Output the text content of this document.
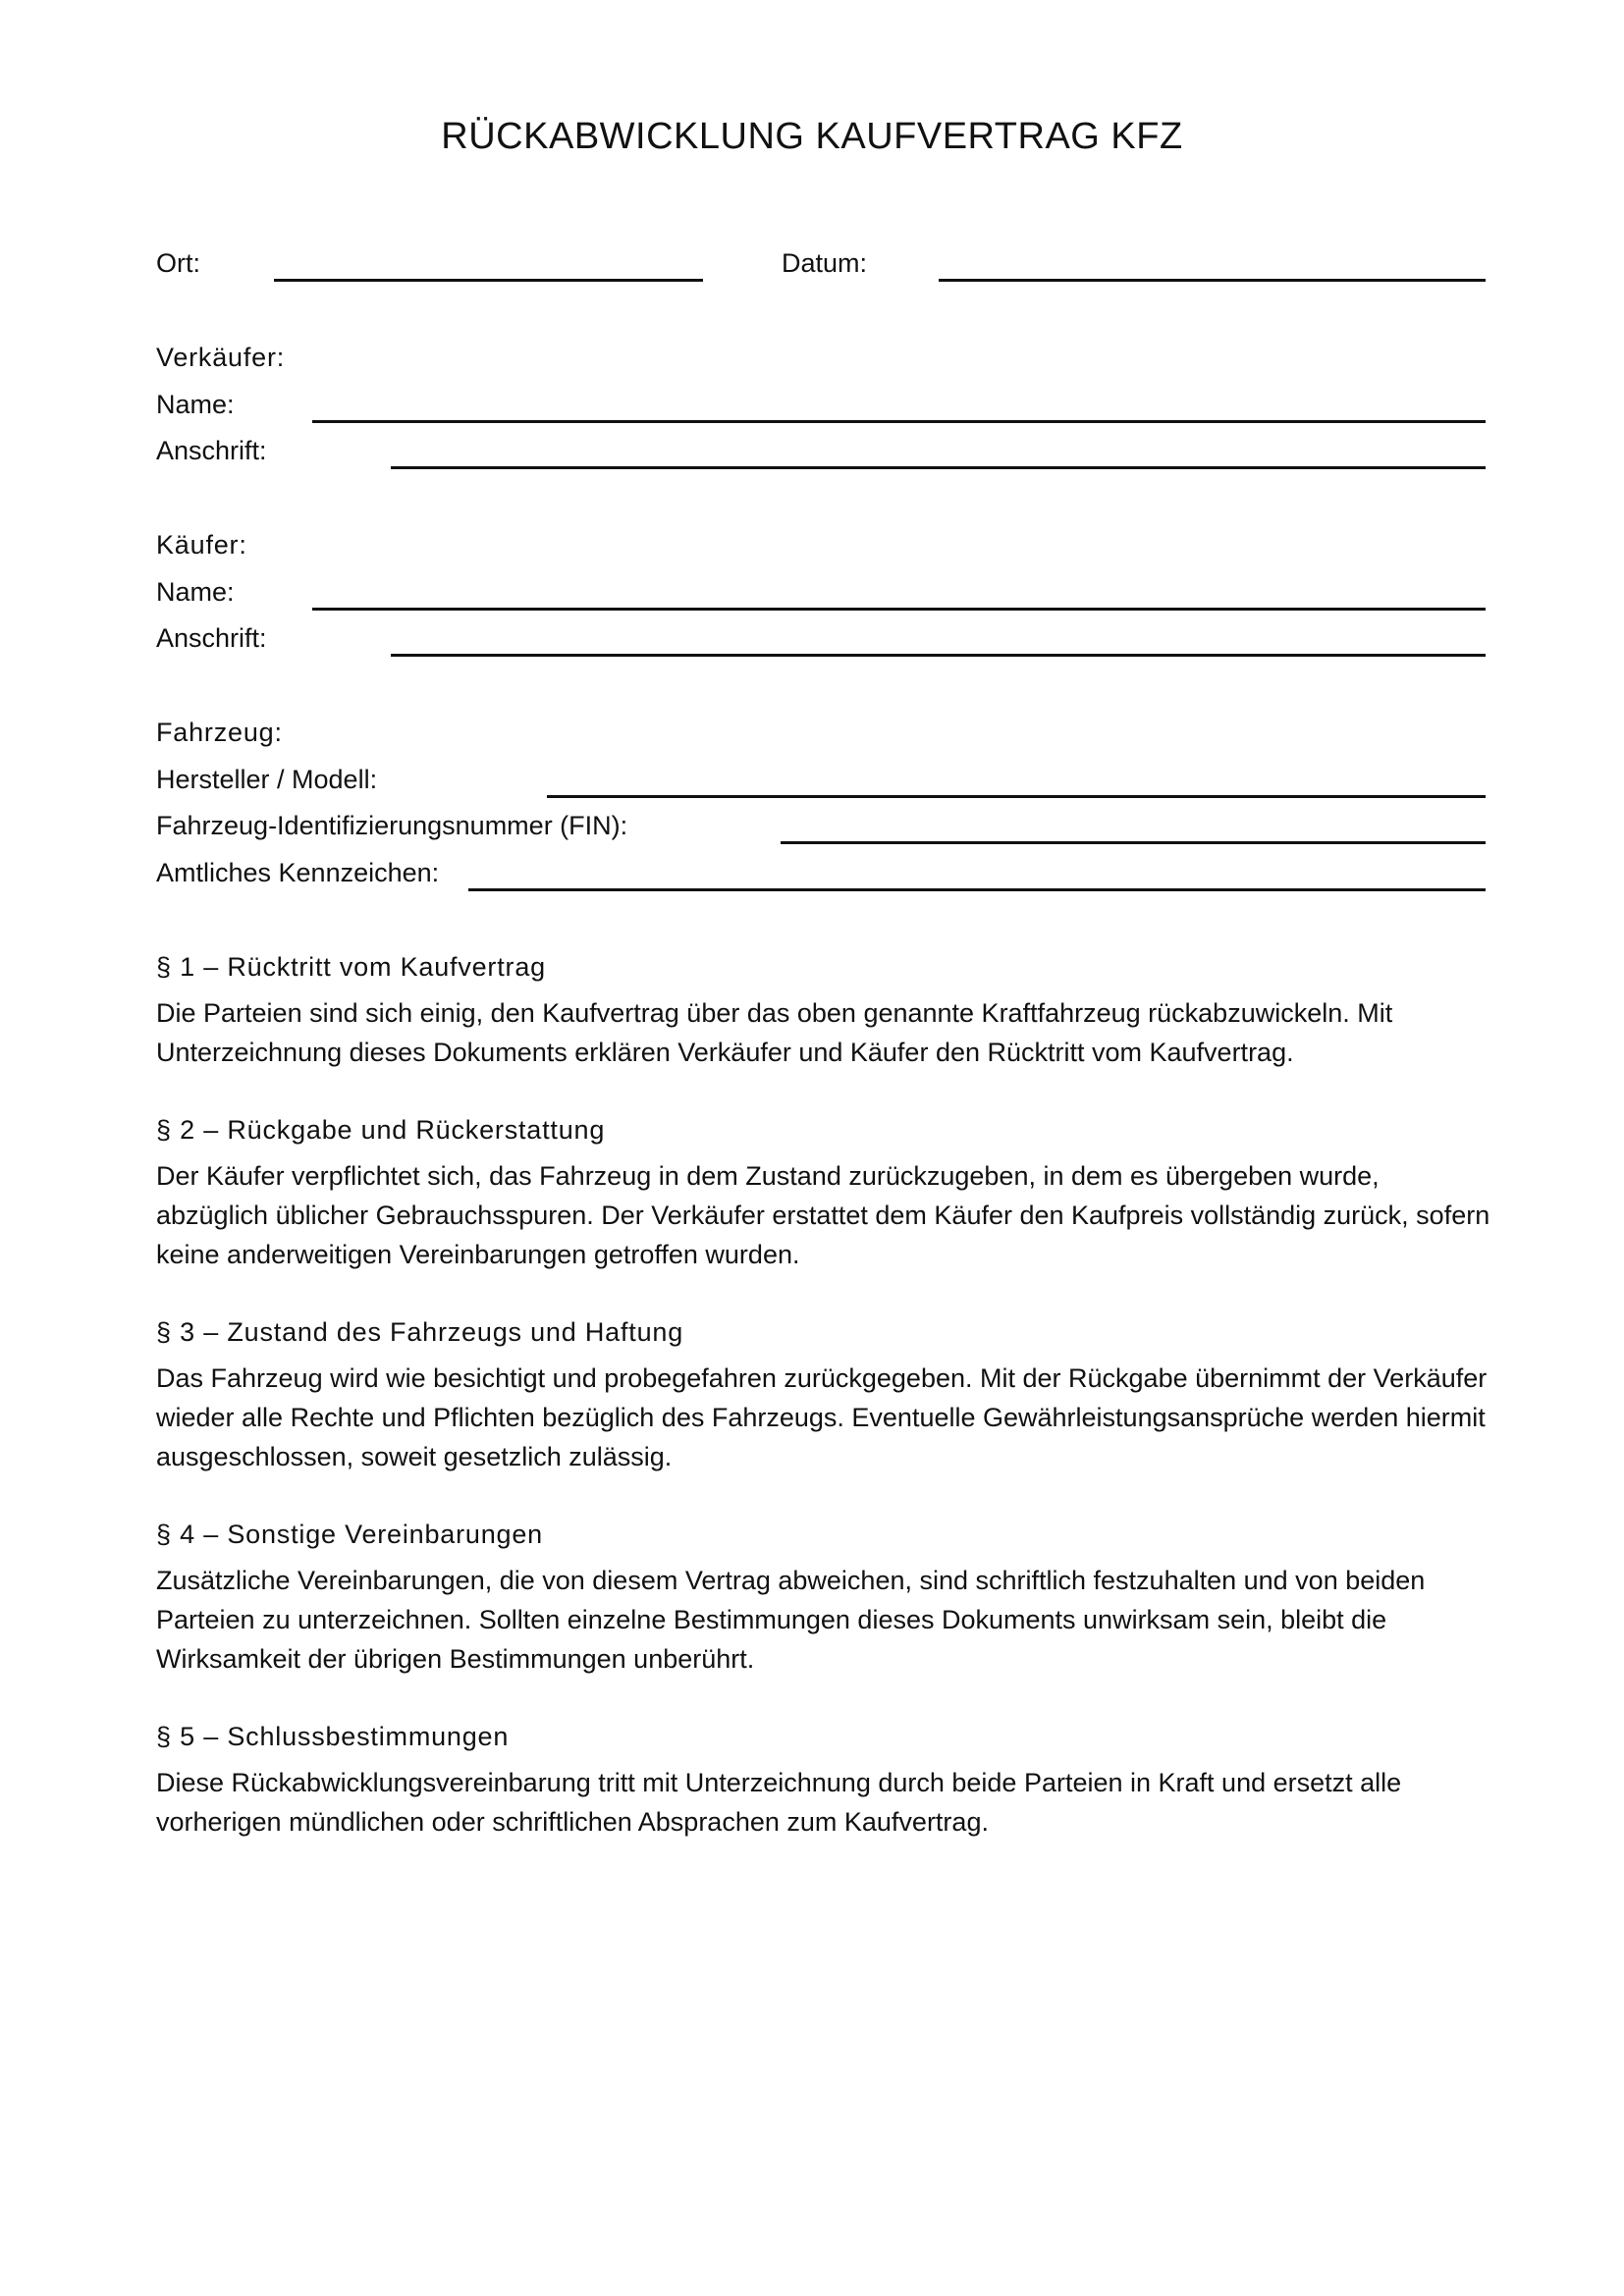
RÜCKABWICKLUNG KAUFVERTRAG KFZ
Ort:	Datum:
Verkäufer:
Name:
Anschrift:
Käufer:
Name:
Anschrift:
Fahrzeug:
Hersteller / Modell:
Fahrzeug-Identifizierungsnummer (FIN):
Amtliches Kennzeichen:
§ 1 – Rücktritt vom Kaufvertrag

Die Parteien sind sich einig, den Kaufvertrag über das oben genannte Kraftfahrzeug rückabzuwickeln. Mit Unterzeichnung dieses Dokuments erklären Verkäufer und Käufer den Rücktritt vom Kaufvertrag.

§ 2 – Rückgabe und Rückerstattung

Der Käufer verpflichtet sich, das Fahrzeug in dem Zustand zurückzugeben, in dem es übergeben wurde, abzüglich üblicher Gebrauchsspuren. Der Verkäufer erstattet dem Käufer den Kaufpreis vollständig zurück, sofern keine anderweitigen Vereinbarungen getroffen wurden.

§ 3 – Zustand des Fahrzeugs und Haftung

Das Fahrzeug wird wie besichtigt und probegefahren zurückgegeben. Mit der Rückgabe übernimmt der Verkäufer wieder alle Rechte und Pflichten bezüglich des Fahrzeugs. Eventuelle Gewährleistungsansprüche werden hiermit ausgeschlossen, soweit gesetzlich zulässig.

§ 4 – Sonstige Vereinbarungen

Zusätzliche Vereinbarungen, die von diesem Vertrag abweichen, sind schriftlich festzuhalten und von beiden Parteien zu unterzeichnen. Sollten einzelne Bestimmungen dieses Dokuments unwirksam sein, bleibt die Wirksamkeit der übrigen Bestimmungen unberührt.

§ 5 – Schlussbestimmungen

Diese Rückabwicklungsvereinbarung tritt mit Unterzeichnung durch beide Parteien in Kraft und ersetzt alle vorherigen mündlichen oder schriftlichen Absprachen zum Kaufvertrag.
